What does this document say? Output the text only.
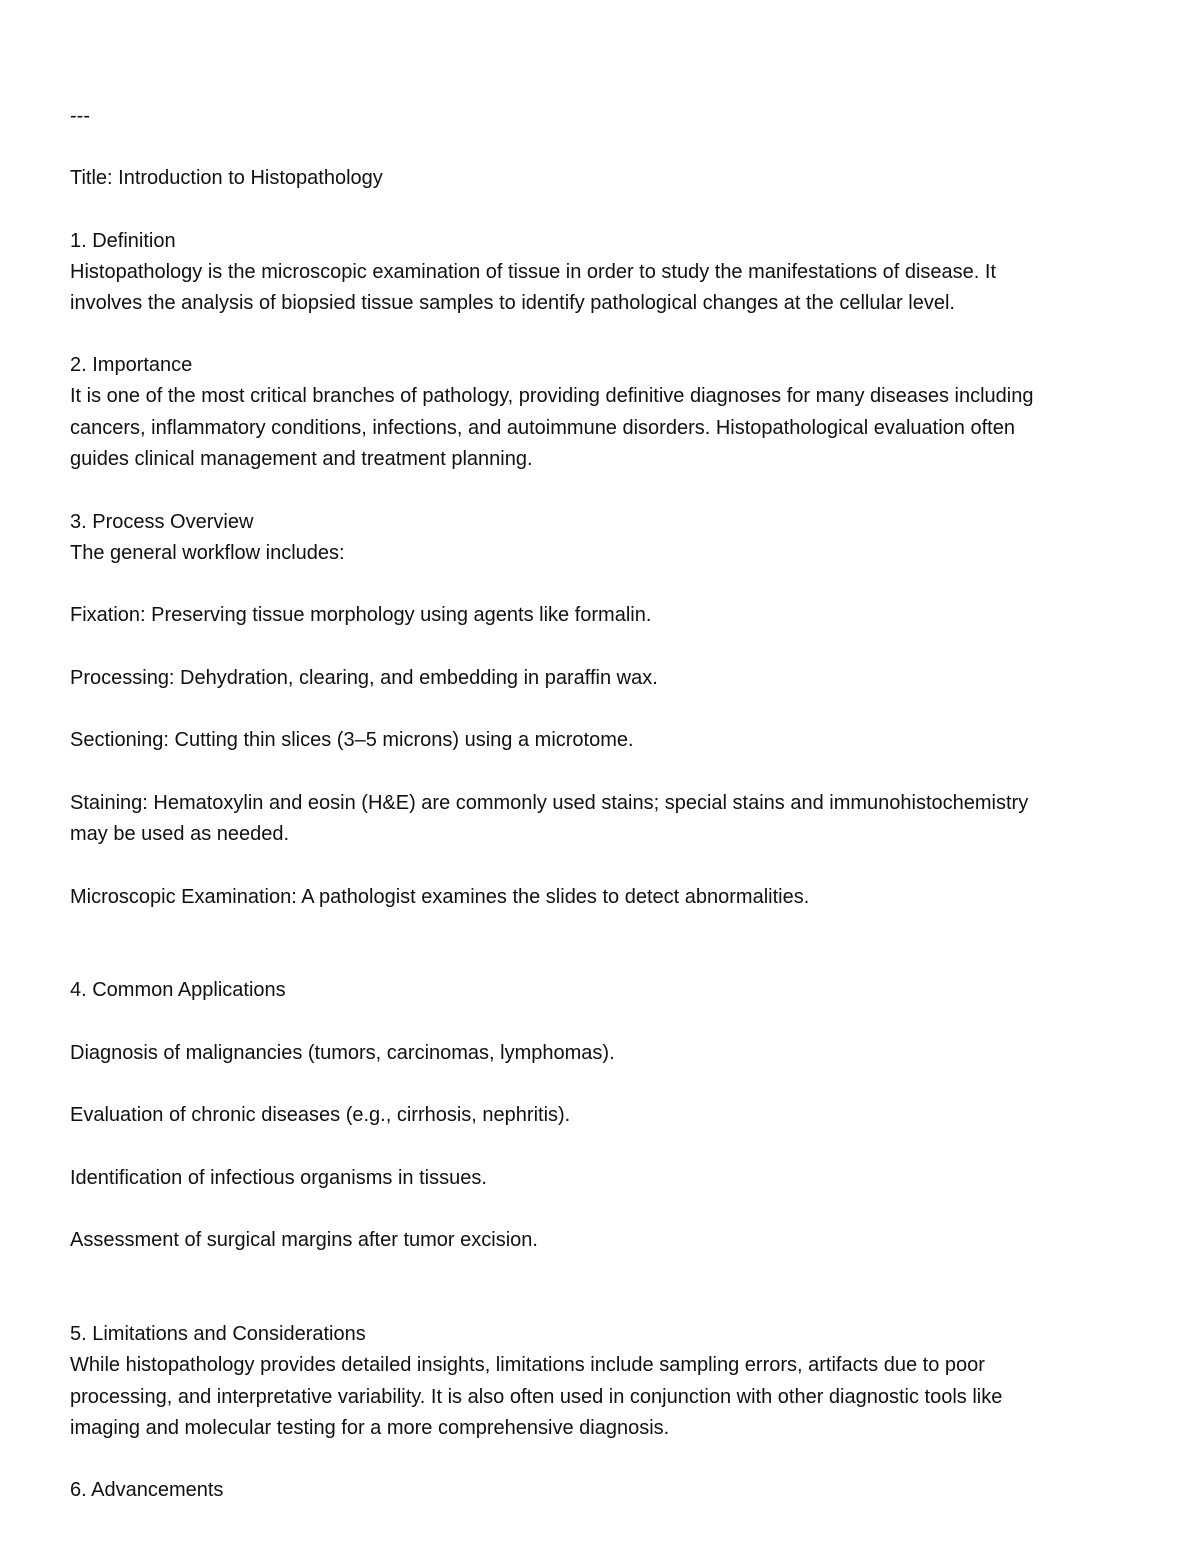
---

Title: Introduction to Histopathology

1. Definition

Histopathology is the microscopic examination of tissue in order to study the manifestations of disease. It

involves the analysis of biopsied tissue samples to identify pathological changes at the cellular level.

2. Importance

It is one of the most critical branches of pathology, providing definitive diagnoses for many diseases including

cancers, inflammatory conditions, infections, and autoimmune disorders. Histopathological evaluation often

guides clinical management and treatment planning.

3. Process Overview

The general workflow includes:

Fixation: Preserving tissue morphology using agents like formalin.

Processing: Dehydration, clearing, and embedding in paraffin wax.

Sectioning: Cutting thin slices (3–5 microns) using a microtome.

Staining: Hematoxylin and eosin (H&E) are commonly used stains; special stains and immunohistochemistry

may be used as needed.

Microscopic Examination: A pathologist examines the slides to detect abnormalities.

4. Common Applications

Diagnosis of malignancies (tumors, carcinomas, lymphomas).

Evaluation of chronic diseases (e.g., cirrhosis, nephritis).

Identification of infectious organisms in tissues.

Assessment of surgical margins after tumor excision.

5. Limitations and Considerations

While histopathology provides detailed insights, limitations include sampling errors, artifacts due to poor

processing, and interpretative variability. It is also often used in conjunction with other diagnostic tools like

imaging and molecular testing for a more comprehensive diagnosis.

6. Advancements
